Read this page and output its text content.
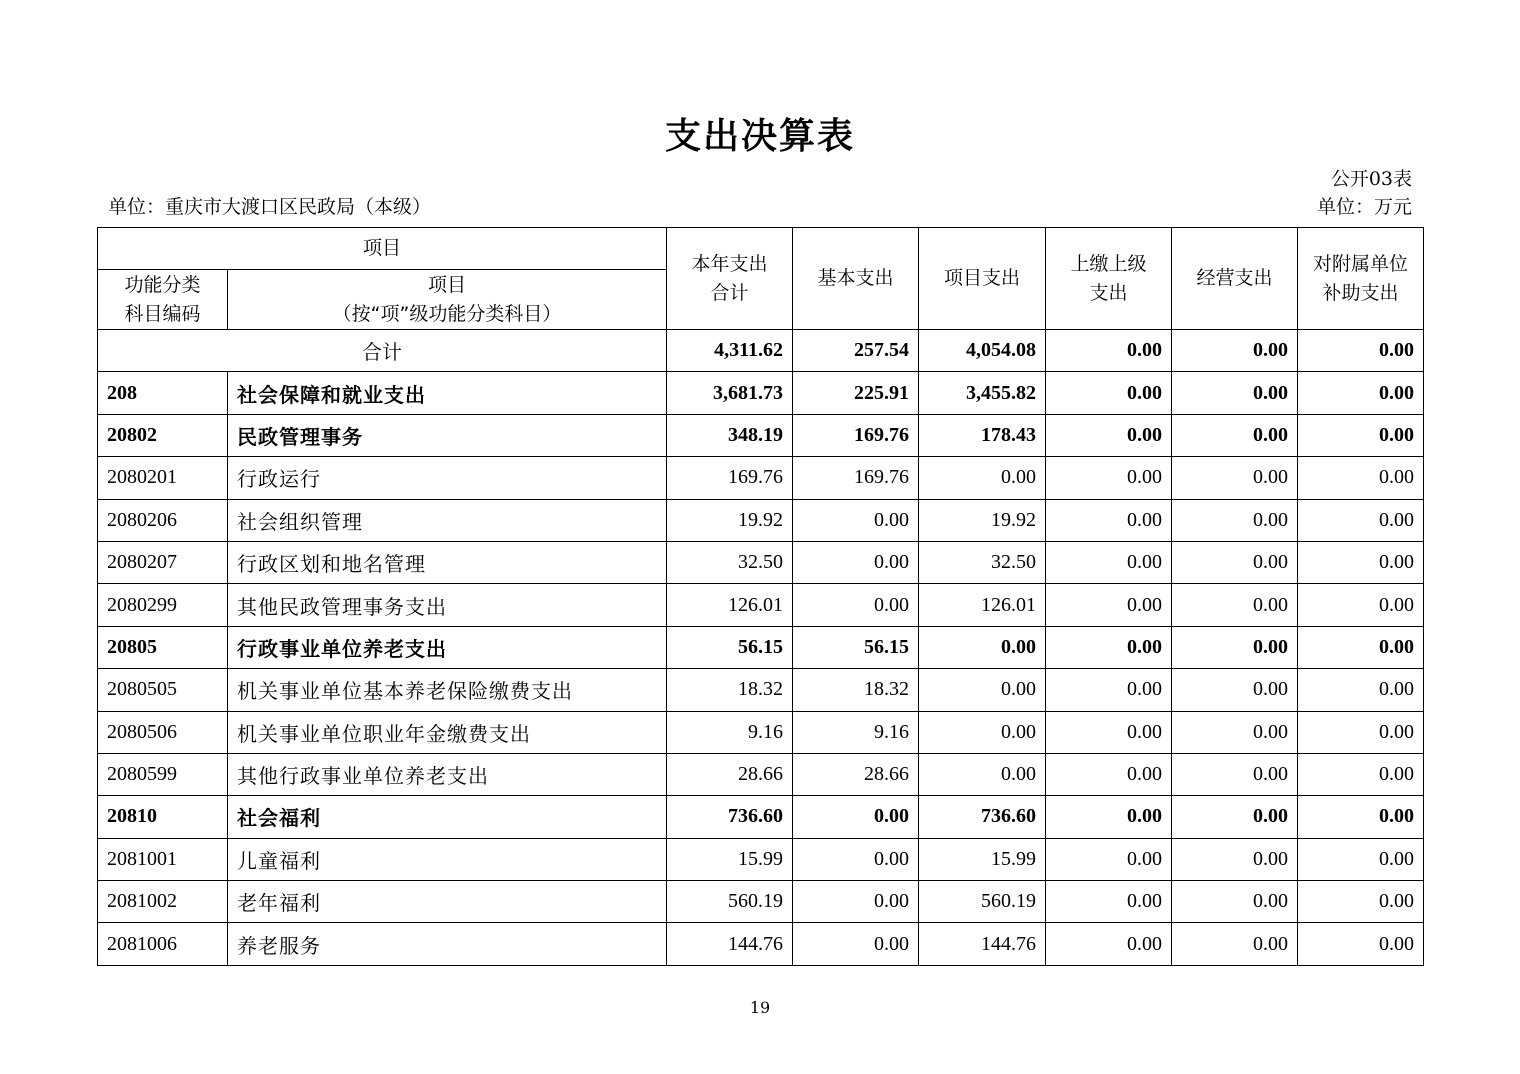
支出决算表
公开03表
单位：重庆市大渡口区民政局（本级）	单位：万元
项目		本年支出合计	基本支出	项目支出	上缴上级支出	经营支出	对附属单位补助支出
功能分类科目编码	项目
（按“项”级功能分类科目）						

合计		4,311.62	257.54	4,054.08	0.00	0.00	0.00
208	社会保障和就业支出	3,681.73	225.91	3,455.82	0.00	0.00	0.00
20802	民政管理事务	348.19	169.76	178.43	0.00	0.00	0.00
2080201	行政运行	169.76	169.76	0.00	0.00	0.00	0.00
2080206	社会组织管理	19.92	0.00	19.92	0.00	0.00	0.00
2080207	行政区划和地名管理	32.50	0.00	32.50	0.00	0.00	0.00
2080299	其他民政管理事务支出	126.01	0.00	126.01	0.00	0.00	0.00
20805	行政事业单位养老支出	56.15	56.15	0.00	0.00	0.00	0.00
2080505	机关事业单位基本养老保险缴费支出	18.32	18.32	0.00	0.00	0.00	0.00
2080506	机关事业单位职业年金缴费支出	9.16	9.16	0.00	0.00	0.00	0.00
2080599	其他行政事业单位养老支出	28.66	28.66	0.00	0.00	0.00	0.00
20810	社会福利	736.60	0.00	736.60	0.00	0.00	0.00
2081001	儿童福利	15.99	0.00	15.99	0.00	0.00	0.00
2081002	老年福利	560.19	0.00	560.19	0.00	0.00	0.00
2081006	养老服务	144.76	0.00	144.76	0.00	0.00	0.00
19
